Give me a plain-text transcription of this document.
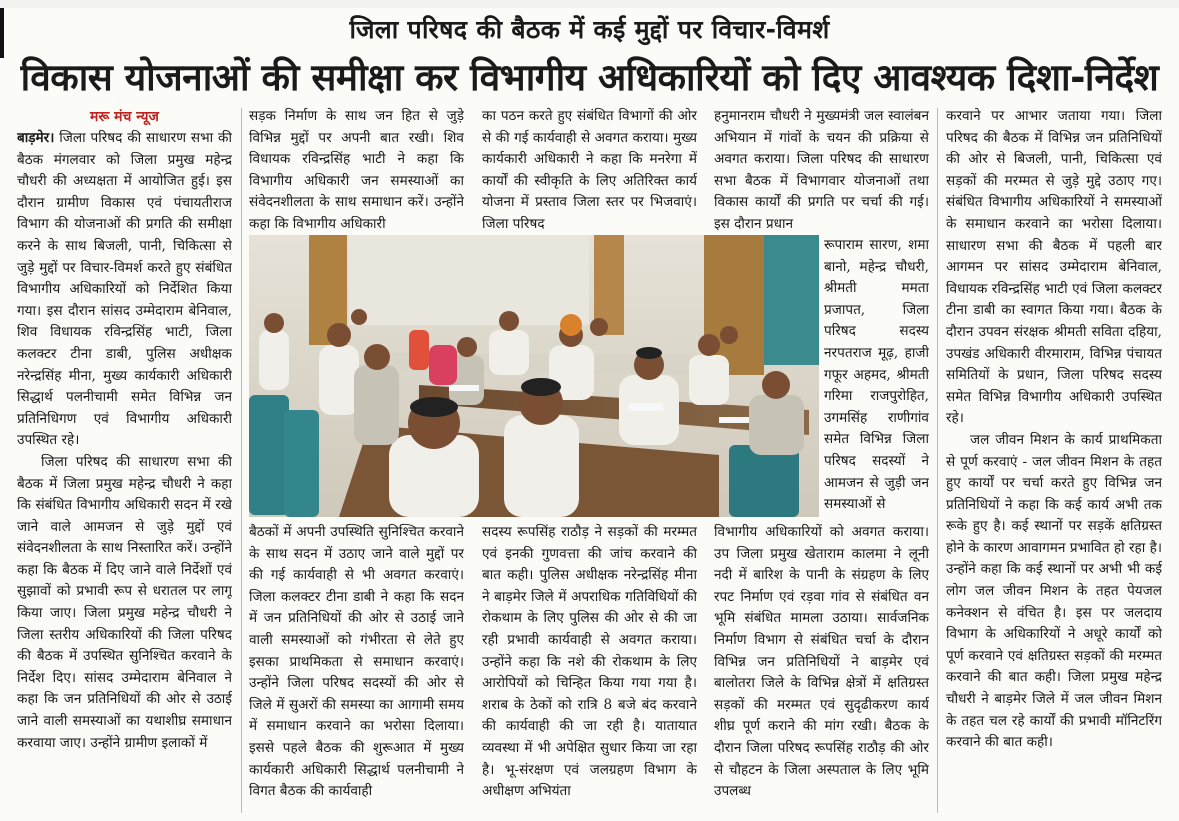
जिला परिषद की बैठक में कई मुद्दों पर विचार-विमर्श
विकास योजनाओं की समीक्षा कर विभागीय अधिकारियों को दिए आवश्यक दिशा-निर्देश
मरू मंच न्यूज

बाड़मेर। जिला परिषद की साधारण सभा की बैठक मंगलवार को जिला प्रमुख महेन्द्र चौधरी की अध्यक्षता में आयोजित हुई। इस दौरान ग्रामीण विकास एवं पंचायतीराज विभाग की योजनाओं की प्रगति की समीक्षा करने के साथ बिजली, पानी, चिकित्सा से जुड़े मुद्दों पर विचार-विमर्श करते हुए संबंधित विभागीय अधिकारियों को निर्देशित किया गया। इस दौरान सांसद उम्मेदाराम बेनिवाल, शिव विधायक रविन्द्रसिंह भाटी, जिला कलक्टर टीना डाबी, पुलिस अधीक्षक नरेन्द्रसिंह मीना, मुख्य कार्यकारी अधिकारी सिद्धार्थ पलनीचामी समेत विभिन्न जन प्रतिनिधिगण एवं विभागीय अधिकारी उपस्थित रहे।

जिला परिषद की साधारण सभा की बैठक में जिला प्रमुख महेन्द्र चौधरी ने कहा कि संबंधित विभागीय अधिकारी सदन में रखे जाने वाले आमजन से जुड़े मुद्दों एवं संवेदनशीलता के साथ निस्तारित करें। उन्होंने कहा कि बैठक में दिए जाने वाले निर्देशों एवं सुझावों को प्रभावी रूप से धरातल पर लागू किया जाए। जिला प्रमुख महेन्द्र चौधरी ने जिला स्तरीय अधिकारियों की जिला परिषद की बैठक में उपस्थित सुनिश्चित करवाने के निर्देश दिए। सांसद उम्मेदाराम बेनिवाल ने कहा कि जन प्रतिनिधियों की ओर से उठाई जाने वाली समस्याओं का यथाशीघ्र समाधान करवाया जाए। उन्होंने ग्रामीण इलाकों में

सड़क निर्माण के साथ जन हित से जुड़े विभिन्न मुद्दों पर अपनी बात रखी। शिव विधायक रविन्द्रसिंह भाटी ने कहा कि विभागीय अधिकारी जन समस्याओं का संवेदनशीलता के साथ समाधान करें। उन्होंने कहा कि विभागीय अधिकारी

बैठकों में अपनी उपस्थिति सुनिश्चित करवाने के साथ सदन में उठाए जाने वाले मुद्दों पर की गई कार्यवाही से भी अवगत करवाएं। जिला कलक्टर टीना डाबी ने कहा कि सदन में जन प्रतिनिधियों की ओर से उठाई जाने वाली समस्याओं को गंभीरता से लेते हुए इसका प्राथमिकता से समाधान करवाएं। उन्होंने जिला परिषद सदस्यों की ओर से जिले में सुअरों की समस्या का आगामी समय में समाधान करवाने का भरोसा दिलाया। इससे पहले बैठक की शुरूआत में मुख्य कार्यकारी अधिकारी सिद्धार्थ पलनीचामी ने विगत बैठक की कार्यवाही

का पठन करते हुए संबंधित विभागों की ओर से की गई कार्यवाही से अवगत कराया। मुख्य कार्यकारी अधिकारी ने कहा कि मनरेगा में कार्यों की स्वीकृति के लिए अतिरिक्त कार्य योजना में प्रस्ताव जिला स्तर पर भिजवाएं। जिला परिषद

सदस्य रूपसिंह राठौड़ ने सड़कों की मरम्मत एवं इनकी गुणवत्ता की जांच करवाने की बात कही। पुलिस अधीक्षक नरेन्द्रसिंह मीना ने बाड़मेर जिले में अपराधिक गतिविधियों की रोकथाम के लिए पुलिस की ओर से की जा रही प्रभावी कार्यवाही से अवगत कराया। उन्होंने कहा कि नशे की रोकथाम के लिए आरोपियों को चिन्हित किया गया गया है। शराब के ठेकों को रात्रि 8 बजे बंद करवाने की कार्यवाही की जा रही है। यातायात व्यवस्था में भी अपेक्षित सुधार किया जा रहा है। भू-संरक्षण एवं जलग्रहण विभाग के अधीक्षण अभियंता

हनुमानराम चौधरी ने मुख्यमंत्री जल स्वालंबन अभियान में गांवों के चयन की प्रक्रिया से अवगत कराया। जिला परिषद की साधारण सभा बैठक में विभागवार योजनाओं तथा विकास कार्यों की प्रगति पर चर्चा की गई। इस दौरान प्रधान

रूपाराम सारण, शमा बानो, महेन्द्र चौधरी, श्रीमती ममता प्रजापत, जिला परिषद सदस्य नरपतराज मूढ़, हाजी गफूर अहमद, श्रीमती गरिमा राजपुरोहित, उगमसिंह राणीगांव समेत विभिन्न जिला परिषद सदस्यों ने आमजन से जुड़ी जन समस्याओं से

विभागीय अधिकारियों को अवगत कराया। उप जिला प्रमुख खेताराम कालमा ने लूनी नदी में बारिश के पानी के संग्रहण के लिए रपट निर्माण एवं रड़वा गांव से संबंधित वन भूमि संबंधित मामला उठाया। सार्वजनिक निर्माण विभाग से संबंधित चर्चा के दौरान विभिन्न जन प्रतिनिधियों ने बाड़मेर एवं बालोतरा जिले के विभिन्न क्षेत्रों में क्षतिग्रस्त सड़कों की मरम्मत एवं सुदृढीकरण कार्य शीघ्र पूर्ण कराने की मांग रखी। बैठक के दौरान जिला परिषद रूपसिंह राठौड़ की ओर से चौहटन के जिला अस्पताल के लिए भूमि उपलब्ध

करवाने पर आभार जताया गया। जिला परिषद की बैठक में विभिन्न जन प्रतिनिधियों की ओर से बिजली, पानी, चिकित्सा एवं सड़कों की मरम्मत से जुड़े मुद्दे उठाए गए। संबंधित विभागीय अधिकारियों ने समस्याओं के समाधान करवाने का भरोसा दिलाया। साधारण सभा की बैठक में पहली बार आगमन पर सांसद उम्मेदाराम बेनिवाल, विधायक रविन्द्रसिंह भाटी एवं जिला कलक्टर टीना डाबी का स्वागत किया गया। बैठक के दौरान उपवन संरक्षक श्रीमती सविता दहिया, उपखंड अधिकारी वीरमाराम, विभिन्न पंचायत समितियों के प्रधान, जिला परिषद सदस्य समेत विभिन्न विभागीय अधिकारी उपस्थित रहे।

जल जीवन मिशन के कार्य प्राथमिकता से पूर्ण करवाएं - जल जीवन मिशन के तहत हुए कार्यों पर चर्चा करते हुए विभिन्न जन प्रतिनिधियों ने कहा कि कई कार्य अभी तक रूके हुए है। कई स्थानों पर सड़कें क्षतिग्रस्त होने के कारण आवागमन प्रभावित हो रहा है। उन्होंने कहा कि कई स्थानों पर अभी भी कई लोग जल जीवन मिशन के तहत पेयजल कनेक्शन से वंचित है। इस पर जलदाय विभाग के अधिकारियों ने अधूरे कार्यों को पूर्ण करवाने एवं क्षतिग्रस्त सड़कों की मरम्मत करवाने की बात कही। जिला प्रमुख महेन्द्र चौधरी ने बाड़मेर जिले में जल जीवन मिशन के तहत चल रहे कार्यों की प्रभावी मॉनिटरिंग करवाने की बात कही।
